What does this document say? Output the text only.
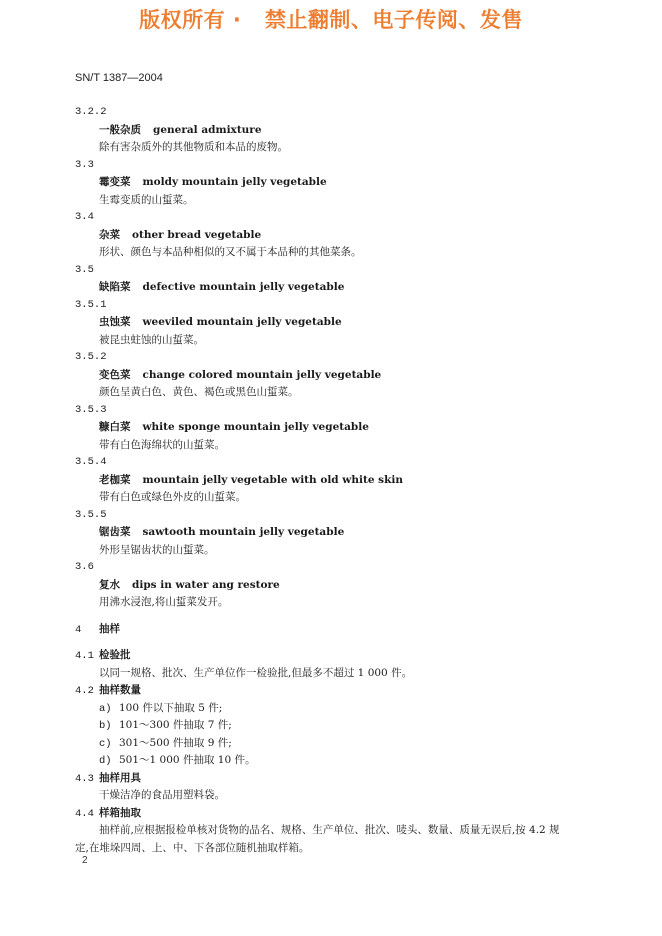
版权所有 ·   禁止翻制、电子传阅、发售
SN/T 1387—2004
3.2.2
一般杂质 general admixture
除有害杂质外的其他物质和本品的废物。
3.3
霉变菜 moldy mountain jelly vegetable
生霉变质的山蜇菜。
3.4
杂菜 other bread vegetable
形状、颜色与本品种相似的又不属于本品种的其他菜条。
3.5
缺陷菜 defective mountain jelly vegetable
3.5.1
虫蚀菜 weeviled mountain jelly vegetable
被昆虫蛀蚀的山蜇菜。
3.5.2
变色菜 change colored mountain jelly vegetable
颜色呈黄白色、黄色、褐色或黑色山蜇菜。
3.5.3
糠白菜 white sponge mountain jelly vegetable
带有白色海绵状的山蜇菜。
3.5.4
老枷菜 mountain jelly vegetable with old white skin
带有白色或绿色外皮的山蜇菜。
3.5.5
锯齿菜 sawtooth mountain jelly vegetable
外形呈锯齿状的山蜇菜。
3.6
复水 dips in water ang restore
用沸水浸泡,将山蜇菜发开。
4 抽样
4.1 检验批
以同一规格、批次、生产单位作一检验批,但最多不超过 1 000 件。
4.2 抽样数量
a) 100 件以下抽取 5 件;
b) 101～300 件抽取 7 件;
c) 301～500 件抽取 9 件;
d) 501～1 000 件抽取 10 件。
4.3 抽样用具
干燥洁净的食品用塑料袋。
4.4 样箱抽取
抽样前,应根据报检单核对货物的品名、规格、生产单位、批次、唛头、数量、质量无误后,按 4.2 规
定,在堆垛四周、上、中、下各部位随机抽取样箱。
2
